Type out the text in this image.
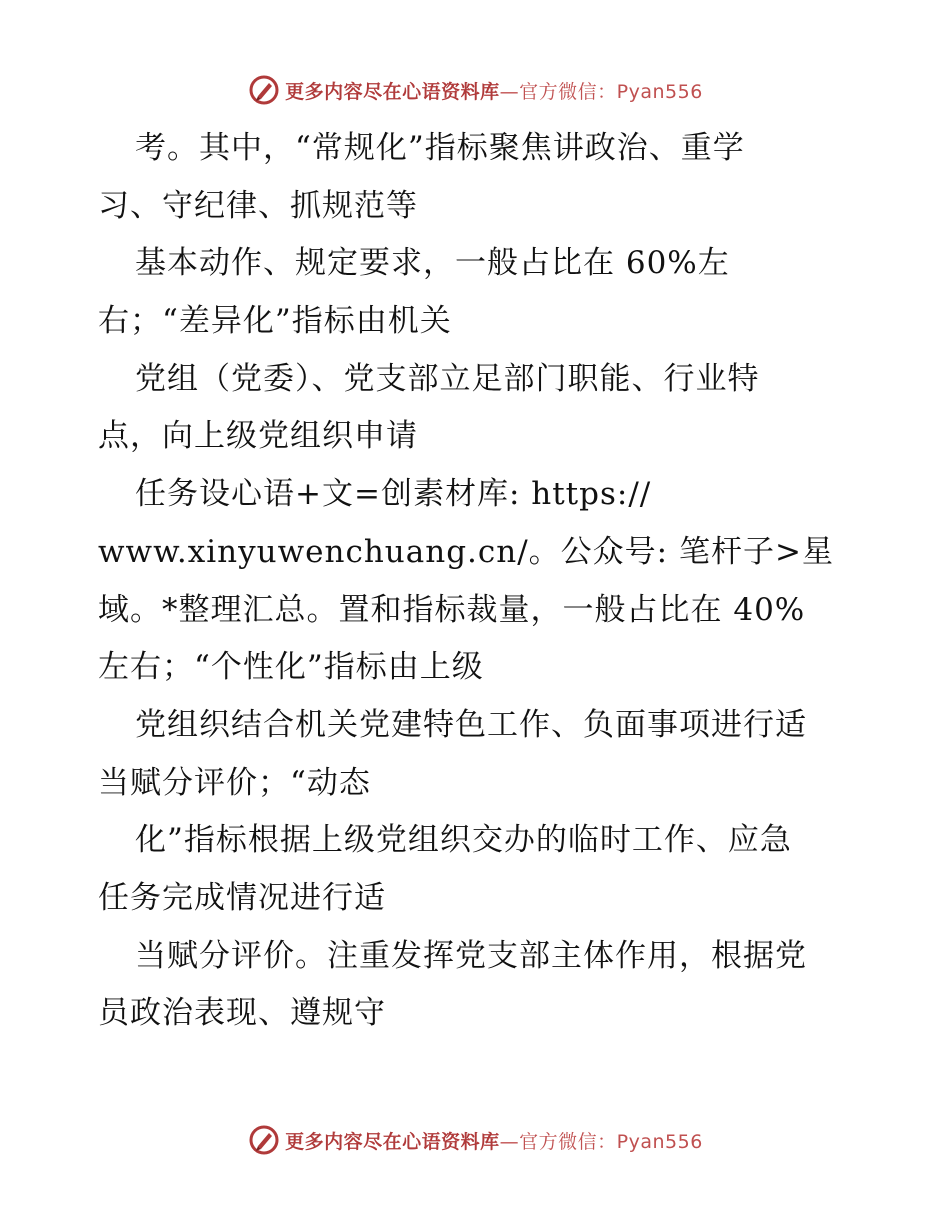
更多内容尽在心语资料库—官方微信：Pyan556
考。其中，“常规化”指标聚焦讲政治、重学
习、守纪律、抓规范等
基本动作、规定要求，一般占比在 60%左
右；“差异化”指标由机关
党组（党委）、党支部立足部门职能、行业特
点，向上级党组织申请
任务设心语+文=创素材库: https://
www.xinyuwenchuang.cn/。公众号: 笔杆子>星
域。*整理汇总。置和指标裁量，一般占比在 40%
左右；“个性化”指标由上级
党组织结合机关党建特色工作、负面事项进行适
当赋分评价；“动态
化”指标根据上级党组织交办的临时工作、应急
任务完成情况进行适
当赋分评价。注重发挥党支部主体作用，根据党
员政治表现、遵规守
更多内容尽在心语资料库—官方微信：Pyan556
